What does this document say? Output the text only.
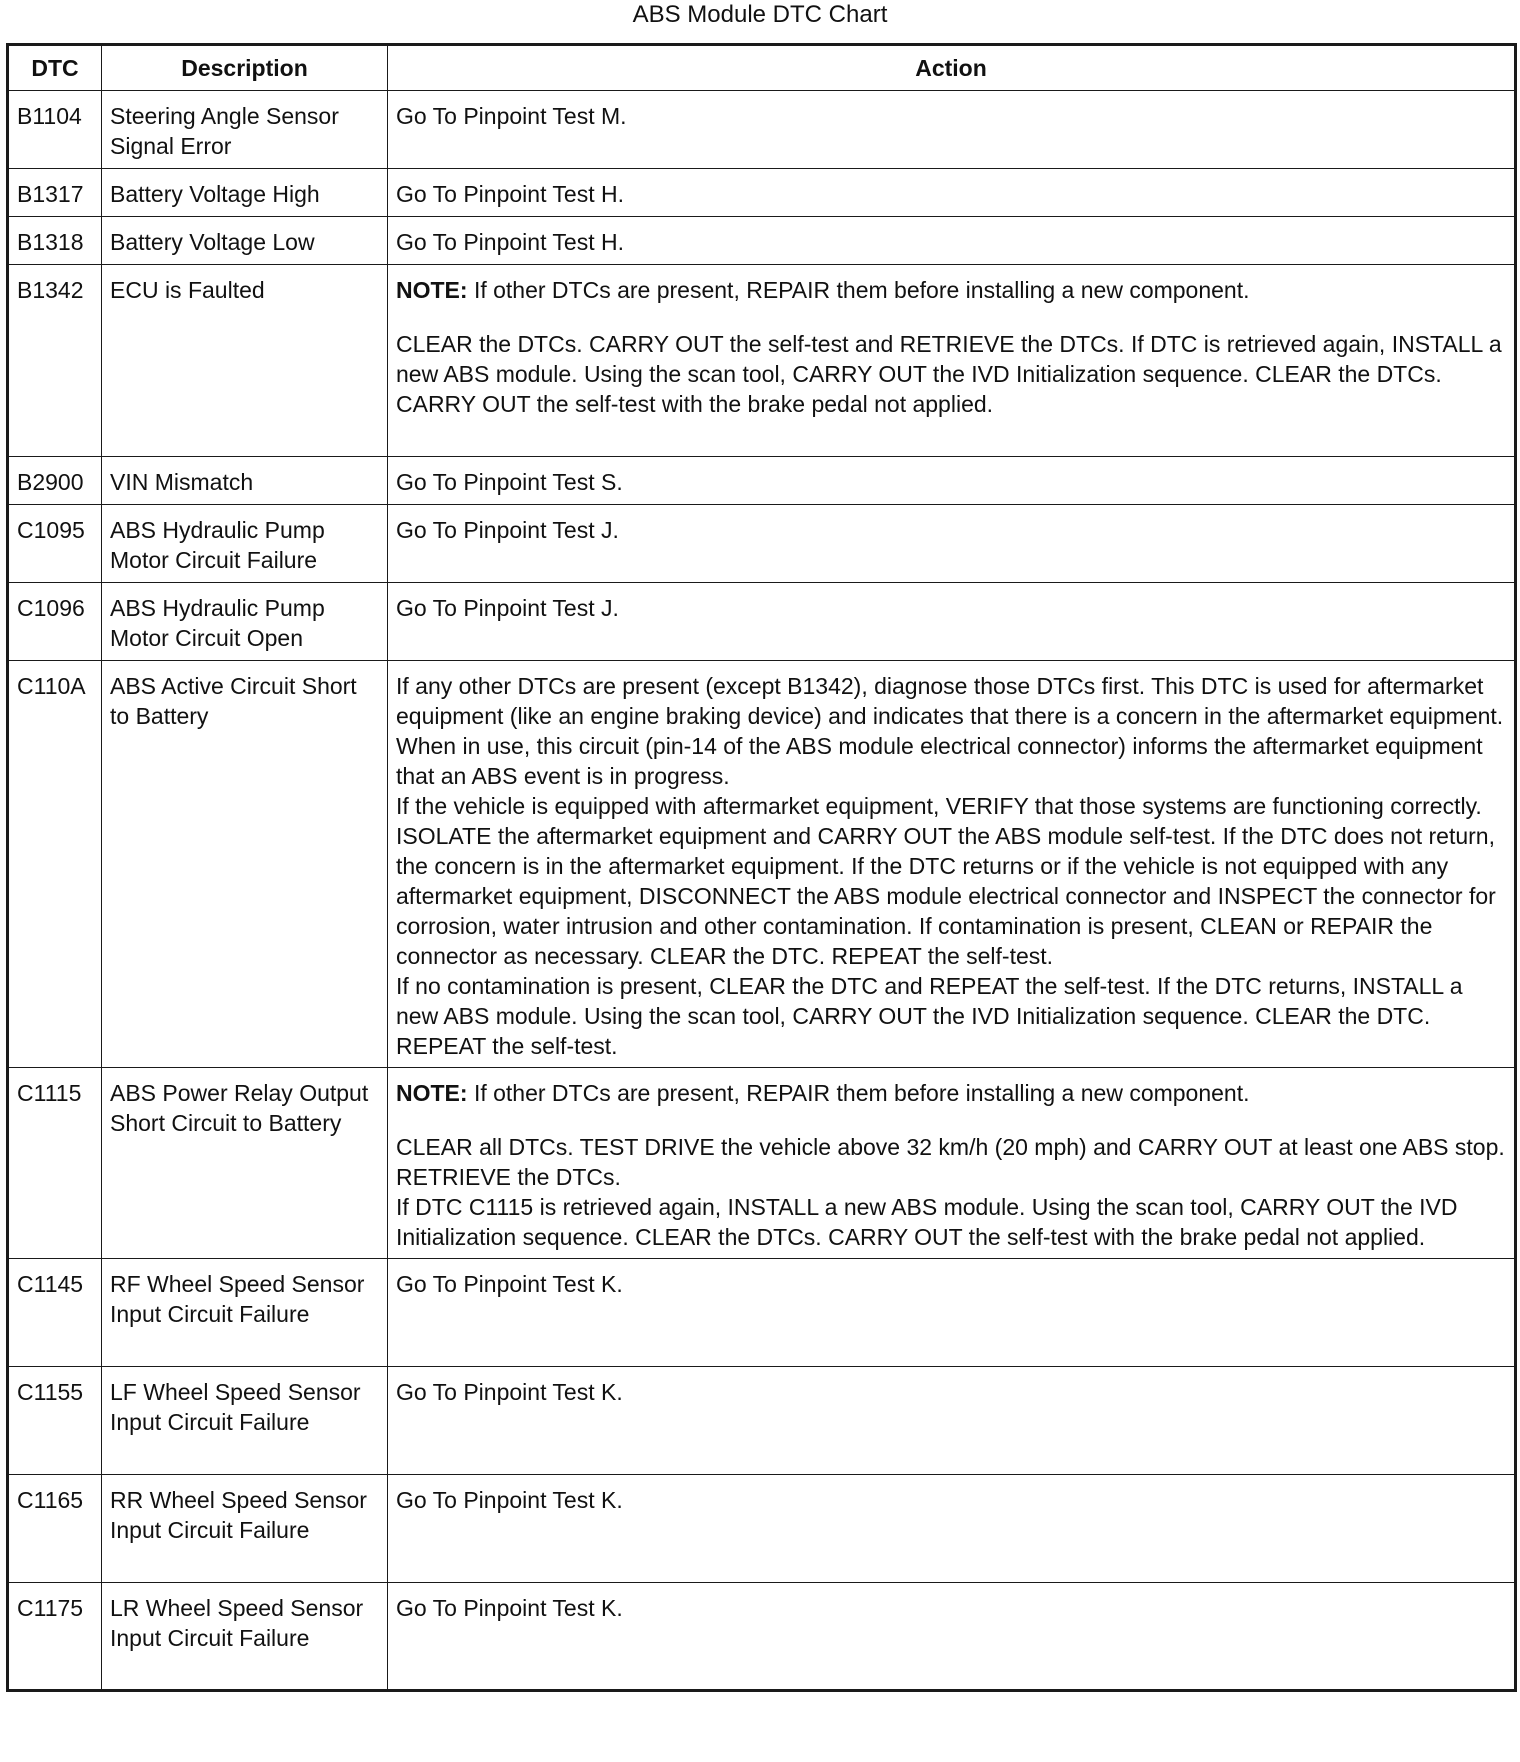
ABS Module DTC Chart
DTC	Description	Action
B1104	Steering Angle Sensor Signal Error	Go To Pinpoint Test M.

B1317	Battery Voltage High	Go To Pinpoint Test H.

B1318	Battery Voltage Low	Go To Pinpoint Test H.

B1342	ECU is Faulted	NOTE: If other DTCs are present, REPAIR them before installing a new component.

CLEAR the DTCs. CARRY OUT the self-test and RETRIEVE the DTCs. If DTC is retrieved again, INSTALL a new ABS module. Using the scan tool, CARRY OUT the IVD Initialization sequence. CLEAR the DTCs. CARRY OUT the self-test with the brake pedal not applied.

B2900	VIN Mismatch	Go To Pinpoint Test S.

C1095	ABS Hydraulic Pump Motor Circuit Failure	Go To Pinpoint Test J.

C1096	ABS Hydraulic Pump Motor Circuit Open	Go To Pinpoint Test J.

C110A	ABS Active Circuit Short to Battery	If any other DTCs are present (except B1342), diagnose those DTCs first. This DTC is used for aftermarket equipment (like an engine braking device) and indicates that there is a concern in the aftermarket equipment. When in use, this circuit (pin-14 of the ABS module electrical connector) informs the aftermarket equipment that an ABS event is in progress.

If the vehicle is equipped with aftermarket equipment, VERIFY that those systems are functioning correctly. ISOLATE the aftermarket equipment and CARRY OUT the ABS module self-test. If the DTC does not return, the concern is in the aftermarket equipment. If the DTC returns or if the vehicle is not equipped with any aftermarket equipment, DISCONNECT the ABS module electrical connector and INSPECT the connector for corrosion, water intrusion and other contamination. If contamination is present, CLEAN or REPAIR the connector as necessary. CLEAR the DTC. REPEAT the self-test.

If no contamination is present, CLEAR the DTC and REPEAT the self-test. If the DTC returns, INSTALL a new ABS module. Using the scan tool, CARRY OUT the IVD Initialization sequence. CLEAR the DTC. REPEAT the self-test.

C1115	ABS Power Relay Output Short Circuit to Battery	NOTE: If other DTCs are present, REPAIR them before installing a new component.

CLEAR all DTCs. TEST DRIVE the vehicle above 32 km/h (20 mph) and CARRY OUT at least one ABS stop. RETRIEVE the DTCs.

If DTC C1115 is retrieved again, INSTALL a new ABS module. Using the scan tool, CARRY OUT the IVD Initialization sequence. CLEAR the DTCs. CARRY OUT the self-test with the brake pedal not applied.

C1145	RF Wheel Speed Sensor Input Circuit Failure	Go To Pinpoint Test K.

C1155	LF Wheel Speed Sensor Input Circuit Failure	Go To Pinpoint Test K.

C1165	RR Wheel Speed Sensor Input Circuit Failure	Go To Pinpoint Test K.

C1175	LR Wheel Speed Sensor Input Circuit Failure	Go To Pinpoint Test K.
